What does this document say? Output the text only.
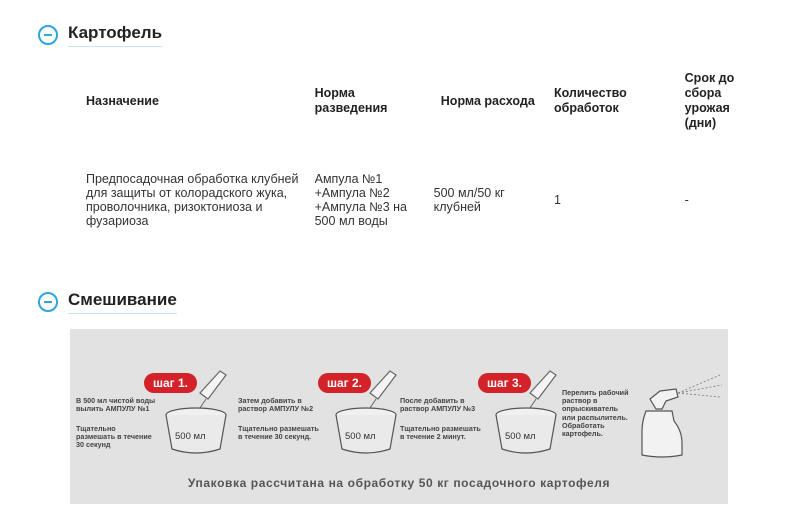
Картофель
Назначение	Норма разведения	Норма расхода	Количество обработок	Срок до сбора урожая (дни)
Предпосадочная обработка клубней для защиты от колорадского жука, проволочника, ризоктониоза и фузариоза	Ампула №1 +Ампула №2 +Ампула №3 на 500 мл воды	500 мл/50 кг клубней	1	-
Смешивание
В 500 мл чистой воды вылить АМПУЛУ №1
Тщательно размешать в течение 30 секунд
шаг 1.
500 мл
Затем добавить в раствор АМПУЛУ №2
Тщательно размешать в течение 30 секунд.
шаг 2.
500 мл
После добавить в раствор АМПУЛУ №3
Тщательно размешать в течение 2 минут.
шаг 3.
500 мл
Перелить рабочий раствор в опрыскиватель или распылитель. Обработать картофель.
Упаковка рассчитана на обработку 50 кг посадочного картофеля
